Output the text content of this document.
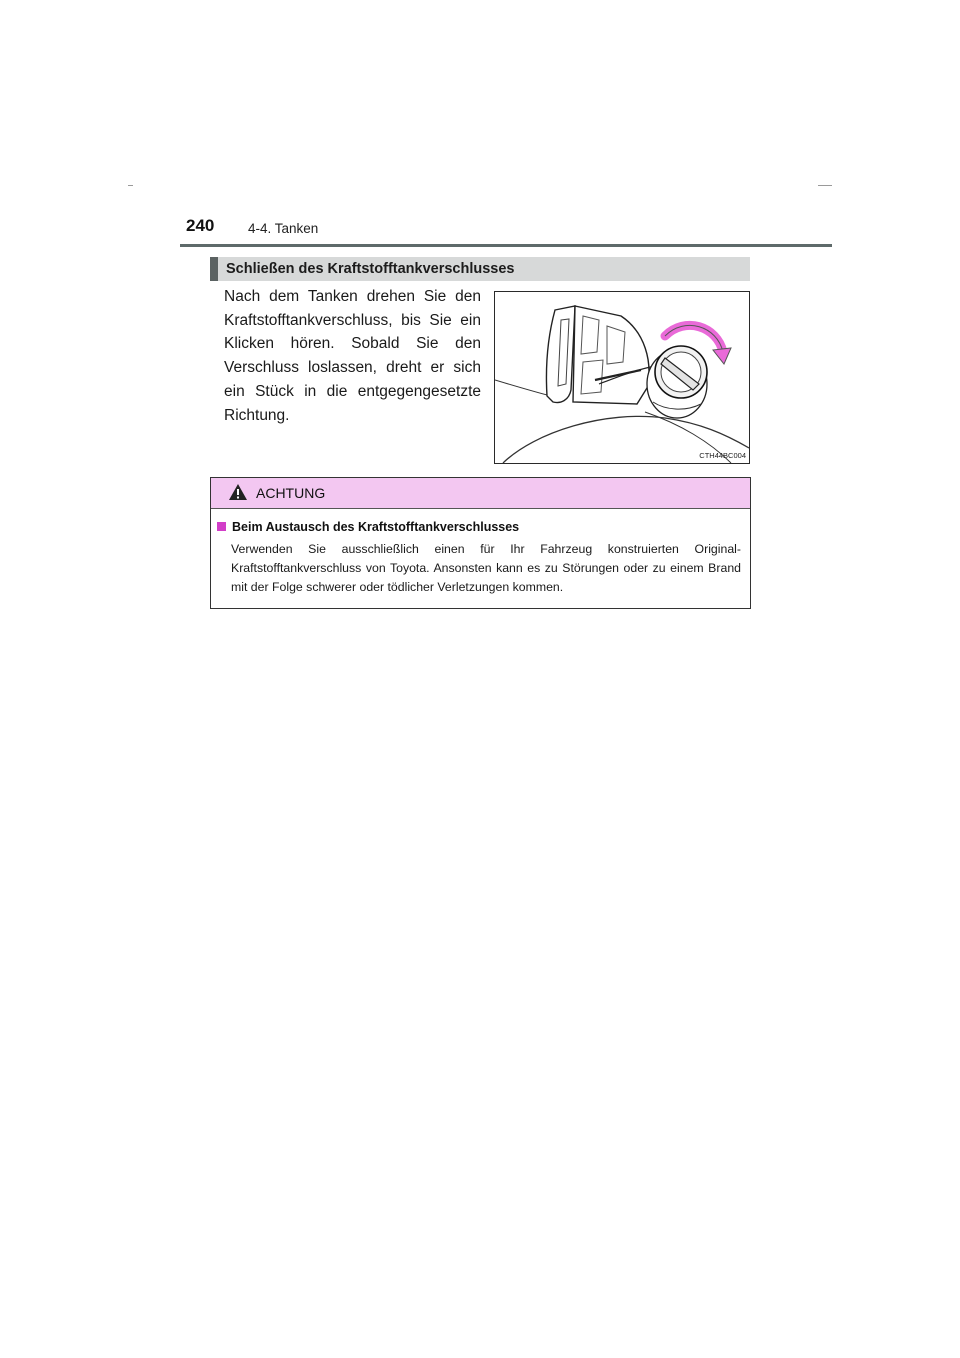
240 4-4. Tanken
Schließen des Kraftstofftankverschlusses
Nach dem Tanken drehen Sie den Kraftstofftankverschluss, bis Sie ein Klicken hören. Sobald Sie den Verschluss loslassen, dreht er sich ein Stück in die entgegengesetzte Richtung.
CTH44BC004
ACHTUNG
Beim Austausch des Kraftstofftankverschlusses
Verwenden Sie ausschließlich einen für Ihr Fahrzeug konstruierten Original-Kraftstofftankverschluss von Toyota. Ansonsten kann es zu Störungen oder zu einem Brand mit der Folge schwerer oder tödlicher Verletzungen kommen.
